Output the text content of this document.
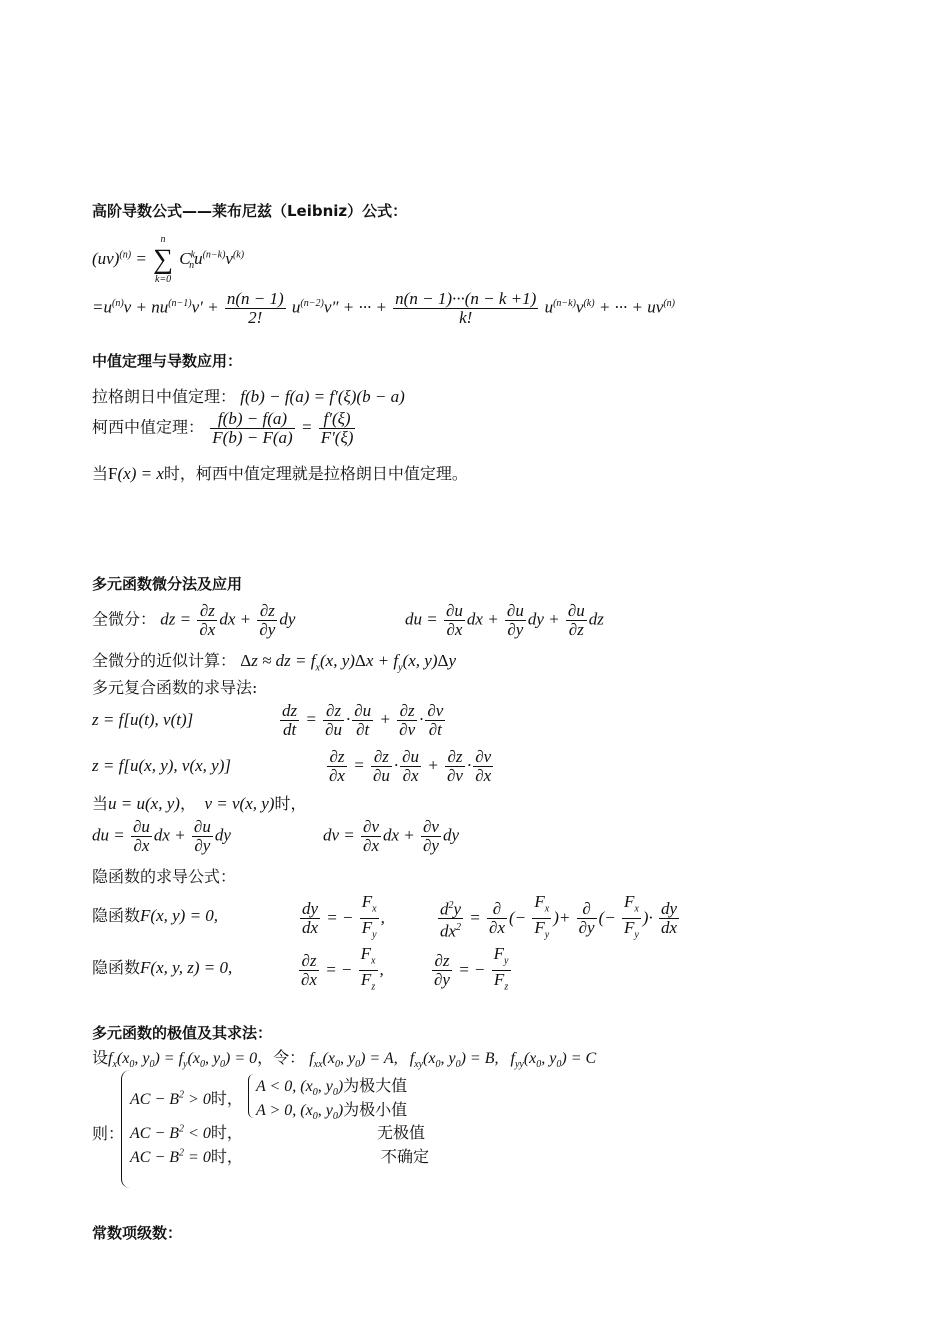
高阶导数公式——莱布尼兹（Leibniz）公式：
(uv)$^{(n)}$ =
n
∑
k=0
$C^k_nu^{(n-k)}v^{(k)}$
$=u^{(n)}v + nu^{(n-1)}v' + \frac{n(n - 1)}{2!} u^{(n-2)}v''$ + ··· + $\frac{n(n - 1)\cdot\cdot\cdot(n - k +1)}{k!} u^{(n-k)}v^{(k)}$ + ··· + $uv^{(n)}$
中值定理与导数应用：
拉格朗日中值定理： f(b) − f(a) = f′(ξ)(b − a)
柯西中值定理： $\frac{f(b) - f(a)}{F(b) - F(a)} = \frac{f'(\xi)}{F'(\xi)}$
当F(x) = x时，柯西中值定理就是拉格朗日中值定理。
多元函数微分法及应用
全微分： dz = $\frac{\partial z}{\partial x}$ dx + $\frac{\partial z}{\partial y}$ dy	du = $\frac{\partial u}{\partial x}$ dx + $\frac{\partial u}{\partial y}$ dy + $\frac{\partial u}{\partial z}$ dz
全微分的近似计算： Δz ≈ dz = $f_x(x$, $y)\Delta x + f_y(x$, y)Δy
多元复合函数的求导法:
z = f[u(t), v(t)]	$\frac{dz}{dt} = \frac{\partial z}{\partial u} \cdot \frac{\partial u}{\partial t} + \frac{\partial z}{\partial v} \cdot \frac{\partial v}{\partial t}$
z = f[u(x, y), v(x, y)]	$\frac{\partial z}{\partial x} = \frac{\partial z}{\partial u} \cdot \frac{\partial u}{\partial x} + \frac{\partial z}{\partial v} \cdot \frac{\partial v}{\partial x}$
当u = u(x, y)， v = v(x, y)时，
du = $\frac{\partial u}{\partial x}$ dx + $\frac{\partial u}{\partial y}$ dy	dv = $\frac{\partial v}{\partial x}$ dx + $\frac{\partial v}{\partial y}$ dy
隐函数的求导公式：
隐函数F(x, y) = 0,	$\frac{dy}{dx}$ = − $\frac{F_x}{F_y}$ ,	$\frac{d^2y}{dx^2} = \frac{\partial}{\partial x}$ (− $\frac{F_x}{F_y}$ )+ $\frac{\partial}{\partial y}$ (− $\frac{F_x}{F_y}$ )· $\frac{dy}{dx}$
隐函数F(x, y, z) = 0,	$\frac{\partial z}{\partial x}$ = − $\frac{F_x}{F_z}$ ,	$\frac{\partial z}{\partial y}$ = − $\frac{F_y}{F_z}$
多元函数的极值及其求法：
设$f_x(x_0$, $y_0) = f_y(x_0$, $y_0) = 0$，令： $f_{xx}(x_0$, $y_0) = A$,   $f_{xy}(x_0$, $y_0) = B$,   $f_{yy}(x_0$, $y_0) = C$
则：
AC − $B^2 > 0$时，
A < 0, ($x_0$, $y_0$)为极大值
A > 0, ($x_0$, $y_0$)为极小值
AC − $B^2 < 0$时，	无极值
AC − $B^2 = 0$时，	不确定
常数项级数：
